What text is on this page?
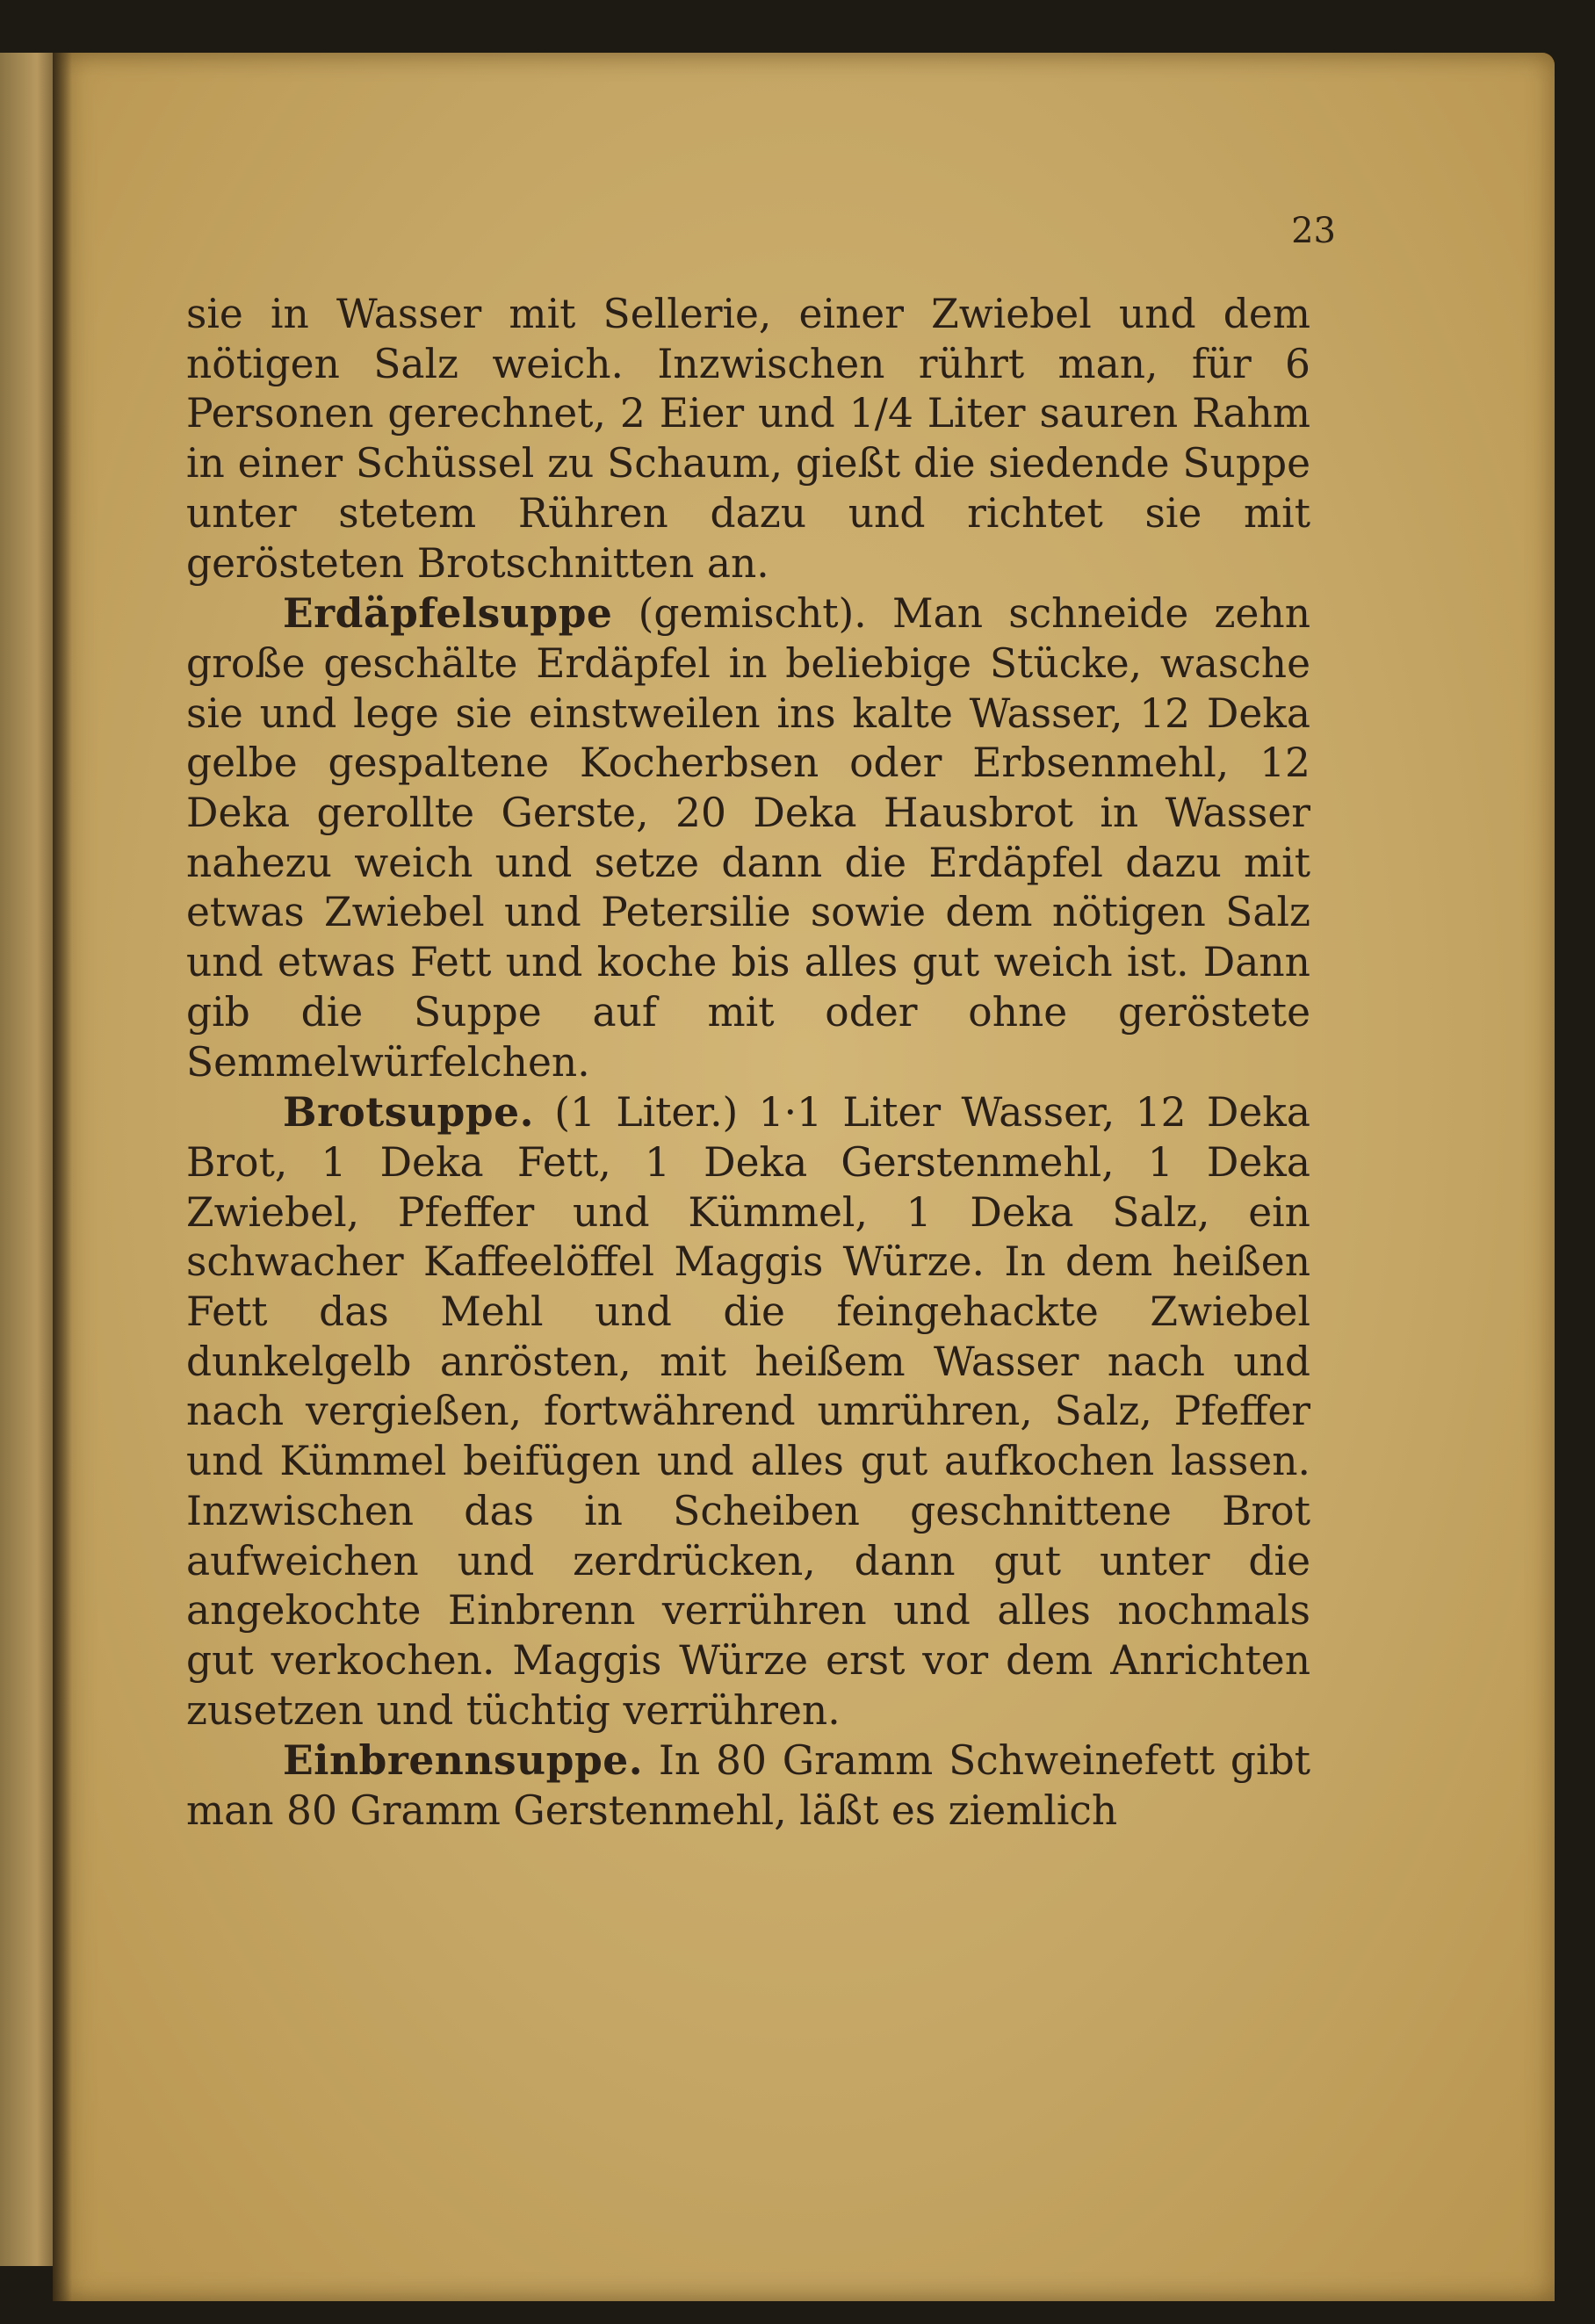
23

sie in Wasser mit Sellerie, einer Zwiebel und dem nötigen Salz weich. Inzwischen rührt man, für 6 Personen gerechnet, 2 Eier und 1/4 Liter sauren Rahm in einer Schüssel zu Schaum, gießt die siedende Suppe unter stetem Rühren dazu und richtet sie mit gerösteten Brotschnitten an.

Erdäpfelsuppe (gemischt). Man schneide zehn große geschälte Erdäpfel in beliebige Stücke, wasche sie und lege sie einstweilen ins kalte Wasser, 12 Deka gelbe gespaltene Kocherbsen oder Erbsenmehl, 12 Deka gerollte Gerste, 20 Deka Hausbrot in Wasser nahezu weich und setze dann die Erdäpfel dazu mit etwas Zwiebel und Petersilie sowie dem nötigen Salz und etwas Fett und koche bis alles gut weich ist. Dann gib die Suppe auf mit oder ohne geröstete Semmelwürfelchen.

Brotsuppe. (1 Liter.) 1·1 Liter Wasser, 12 Deka Brot, 1 Deka Fett, 1 Deka Gerstenmehl, 1 Deka Zwiebel, Pfeffer und Kümmel, 1 Deka Salz, ein schwacher Kaffeelöffel Maggis Würze. In dem heißen Fett das Mehl und die feingehackte Zwiebel dunkelgelb anrösten, mit heißem Wasser nach und nach vergießen, fortwährend umrühren, Salz, Pfeffer und Kümmel beifügen und alles gut aufkochen lassen. Inzwischen das in Scheiben geschnittene Brot aufweichen und zerdrücken, dann gut unter die angekochte Einbrenn verrühren und alles nochmals gut verkochen. Maggis Würze erst vor dem Anrichten zusetzen und tüchtig verrühren.

Einbrennsuppe. In 80 Gramm Schweinefett gibt man 80 Gramm Gerstenmehl, läßt es ziemlich
